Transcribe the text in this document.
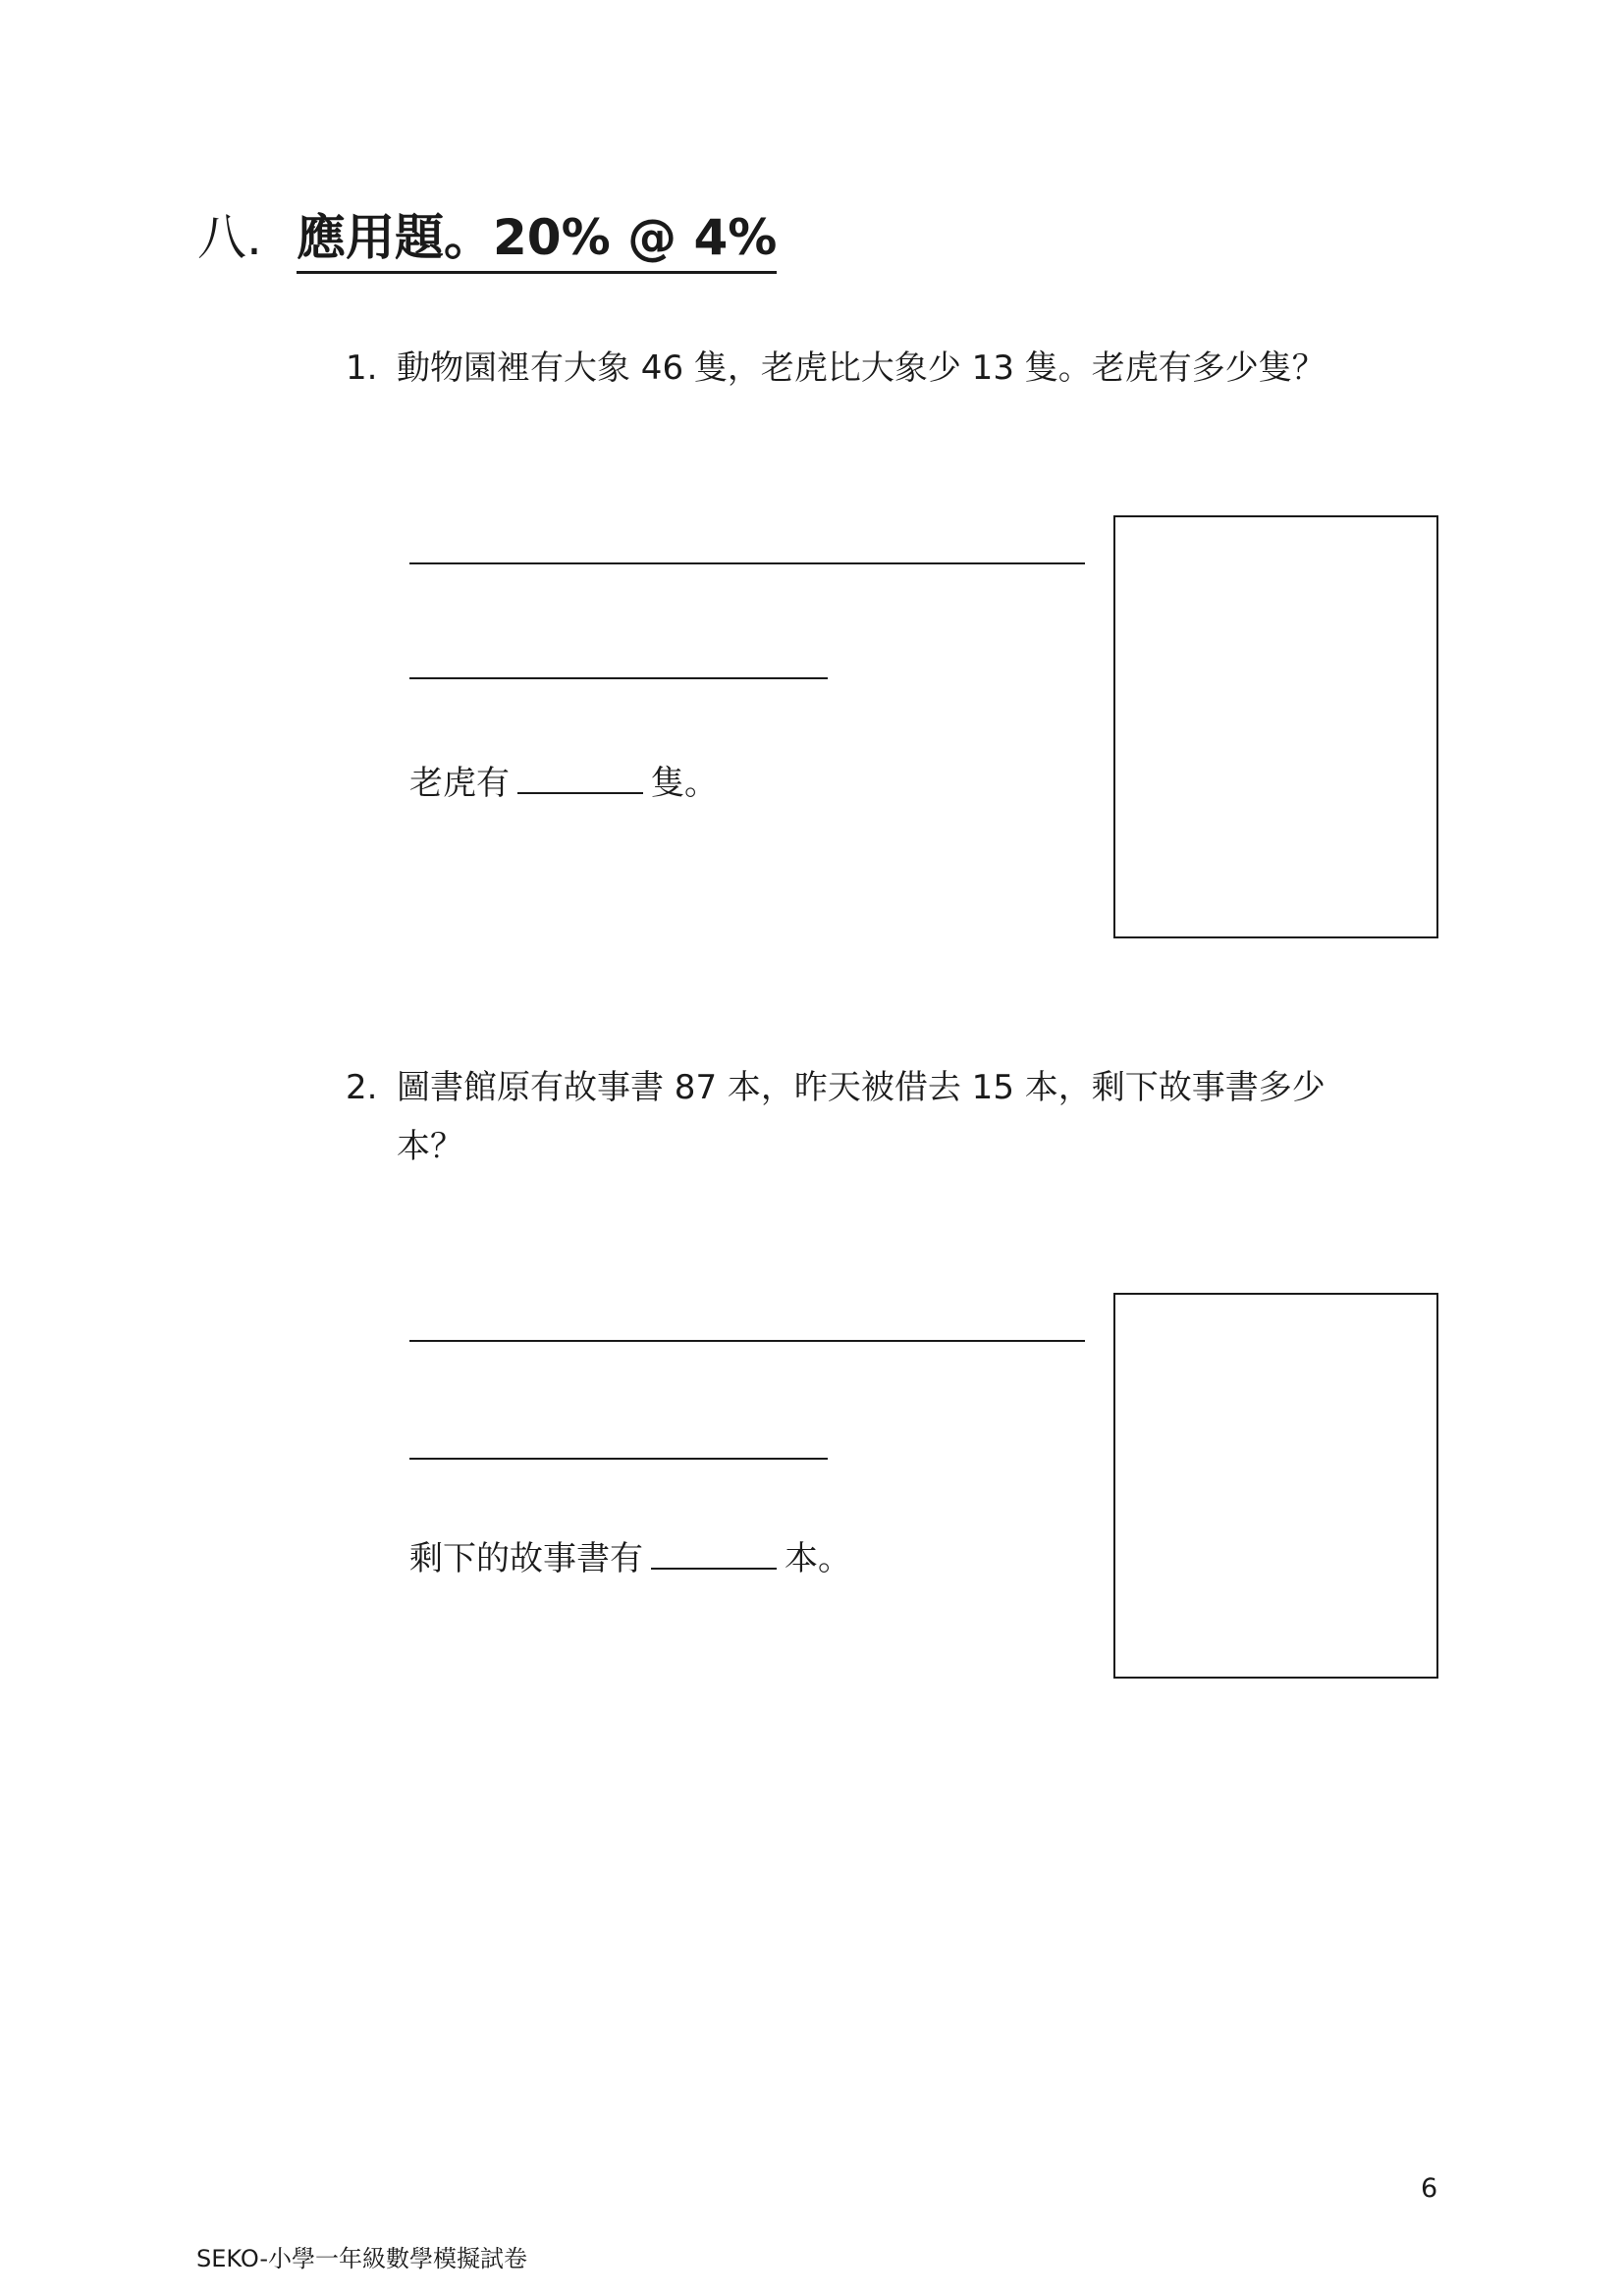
八. 應用題。20% @ 4%
1. 動物園裡有大象 46 隻，老虎比大象少 13 隻。老虎有多少隻？
老虎有	隻。
2. 圖書館原有故事書 87 本，昨天被借去 15 本，剩下故事書多少
本？
剩下的故事書有	本。
6
SEKO-小學一年級數學模擬試卷
